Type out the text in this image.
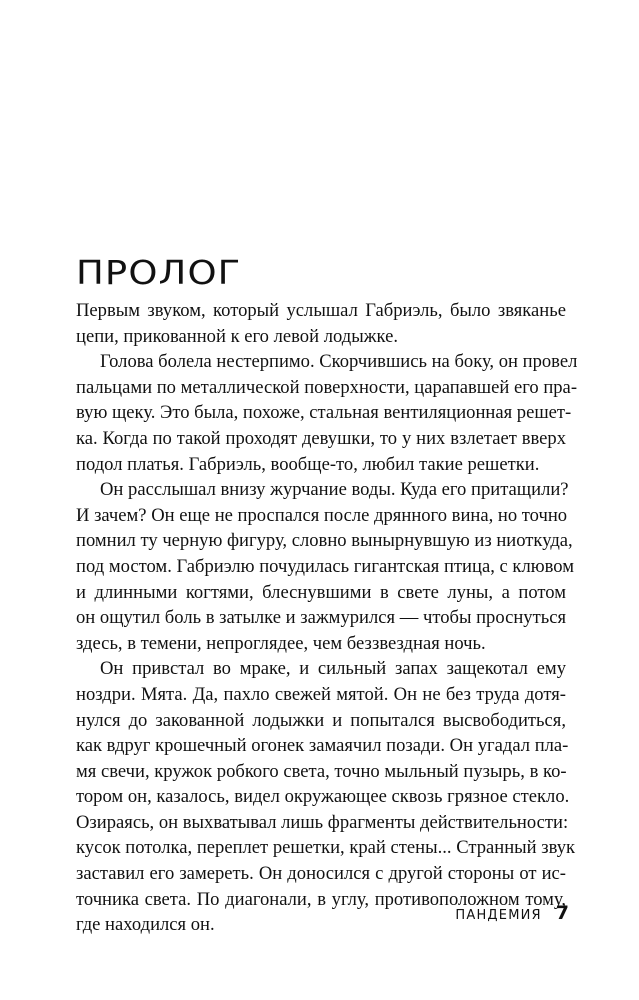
ПРОЛОГ
Первым звуком, который услышал Габриэль, было звяканье
цепи, прикованной к его левой лодыжке.
Голова болела нестерпимо. Скорчившись на боку, он провел
пальцами по металлической поверхности, царапавшей его пра-
вую щеку. Это была, похоже, стальная вентиляционная решет-
ка. Когда по такой проходят девушки, то у них взлетает вверх
подол платья. Габриэль, вообще-то, любил такие решетки.
Он расслышал внизу журчание воды. Куда его притащили?
И зачем? Он еще не проспался после дрянного вина, но точно
помнил ту черную фигуру, словно вынырнувшую из ниоткуда,
под мостом. Габриэлю почудилась гигантская птица, с клювом
и длинными когтями, блеснувшими в свете луны, а потом
он ощутил боль в затылке и зажмурился — чтобы проснуться
здесь, в темени, непроглядее, чем беззвездная ночь.
Он привстал во мраке, и сильный запах защекотал ему
ноздри. Мята. Да, пахло свежей мятой. Он не без труда дотя-
нулся до закованной лодыжки и попытался высвободиться,
как вдруг крошечный огонек замаячил позади. Он угадал пла-
мя свечи, кружок робкого света, точно мыльный пузырь, в ко-
тором он, казалось, видел окружающее сквозь грязное стекло.
Озираясь, он выхватывал лишь фрагменты действительности:
кусок потолка, переплет решетки, край стены... Странный звук
заставил его замереть. Он доносился с другой стороны от ис-
точника света. По диагонали, в углу, противоположном тому,
где находился он.	ПАНДЕМИЯ 7
